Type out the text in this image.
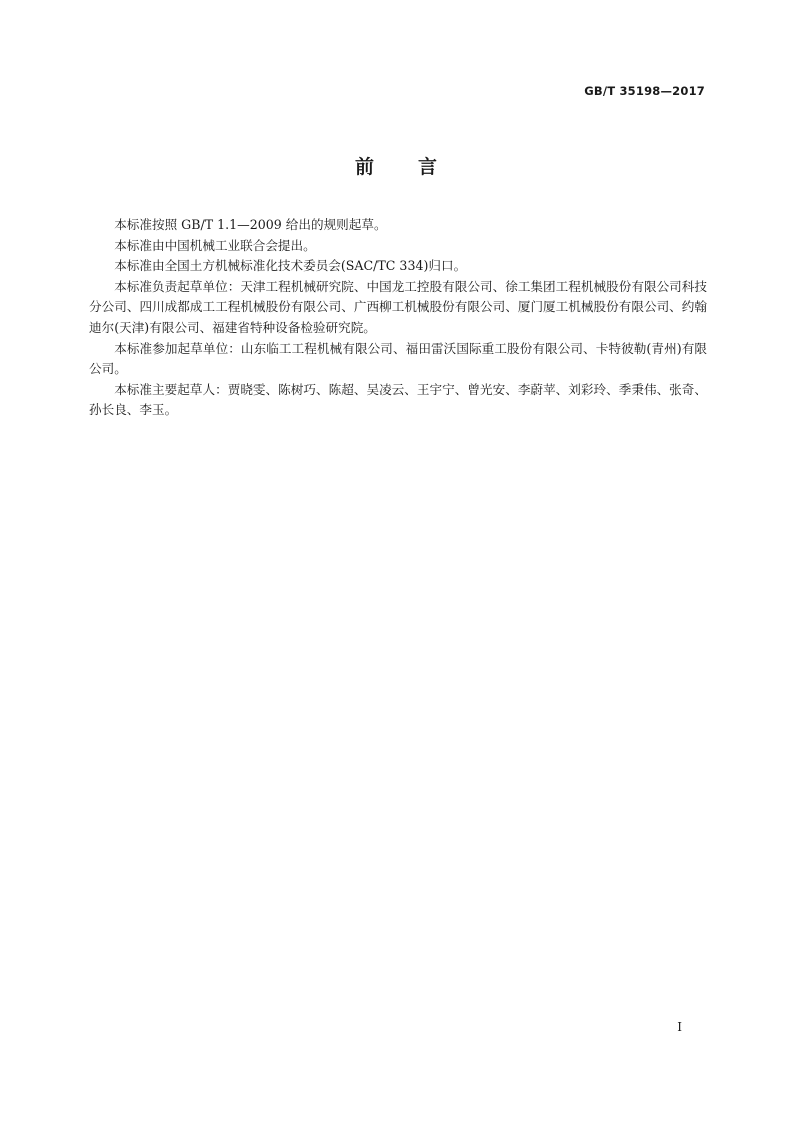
GB/T 35198—2017
前 言

本标准按照 GB/T 1.1—2009 给出的规则起草。

本标准由中国机械工业联合会提出。

本标准由全国土方机械标准化技术委员会(SAC/TC 334)归口。

本标准负责起草单位：天津工程机械研究院、中国龙工控股有限公司、徐工集团工程机械股份有限公司科技分公司、四川成都成工工程机械股份有限公司、广西柳工机械股份有限公司、厦门厦工机械股份有限公司、约翰迪尔(天津)有限公司、福建省特种设备检验研究院。

本标准参加起草单位：山东临工工程机械有限公司、福田雷沃国际重工股份有限公司、卡特彼勒(青州)有限公司。

本标准主要起草人：贾晓雯、陈树巧、陈超、吴凌云、王宇宁、曾光安、李蔚苹、刘彩玲、季秉伟、张奇、孙长良、李玉。

I
